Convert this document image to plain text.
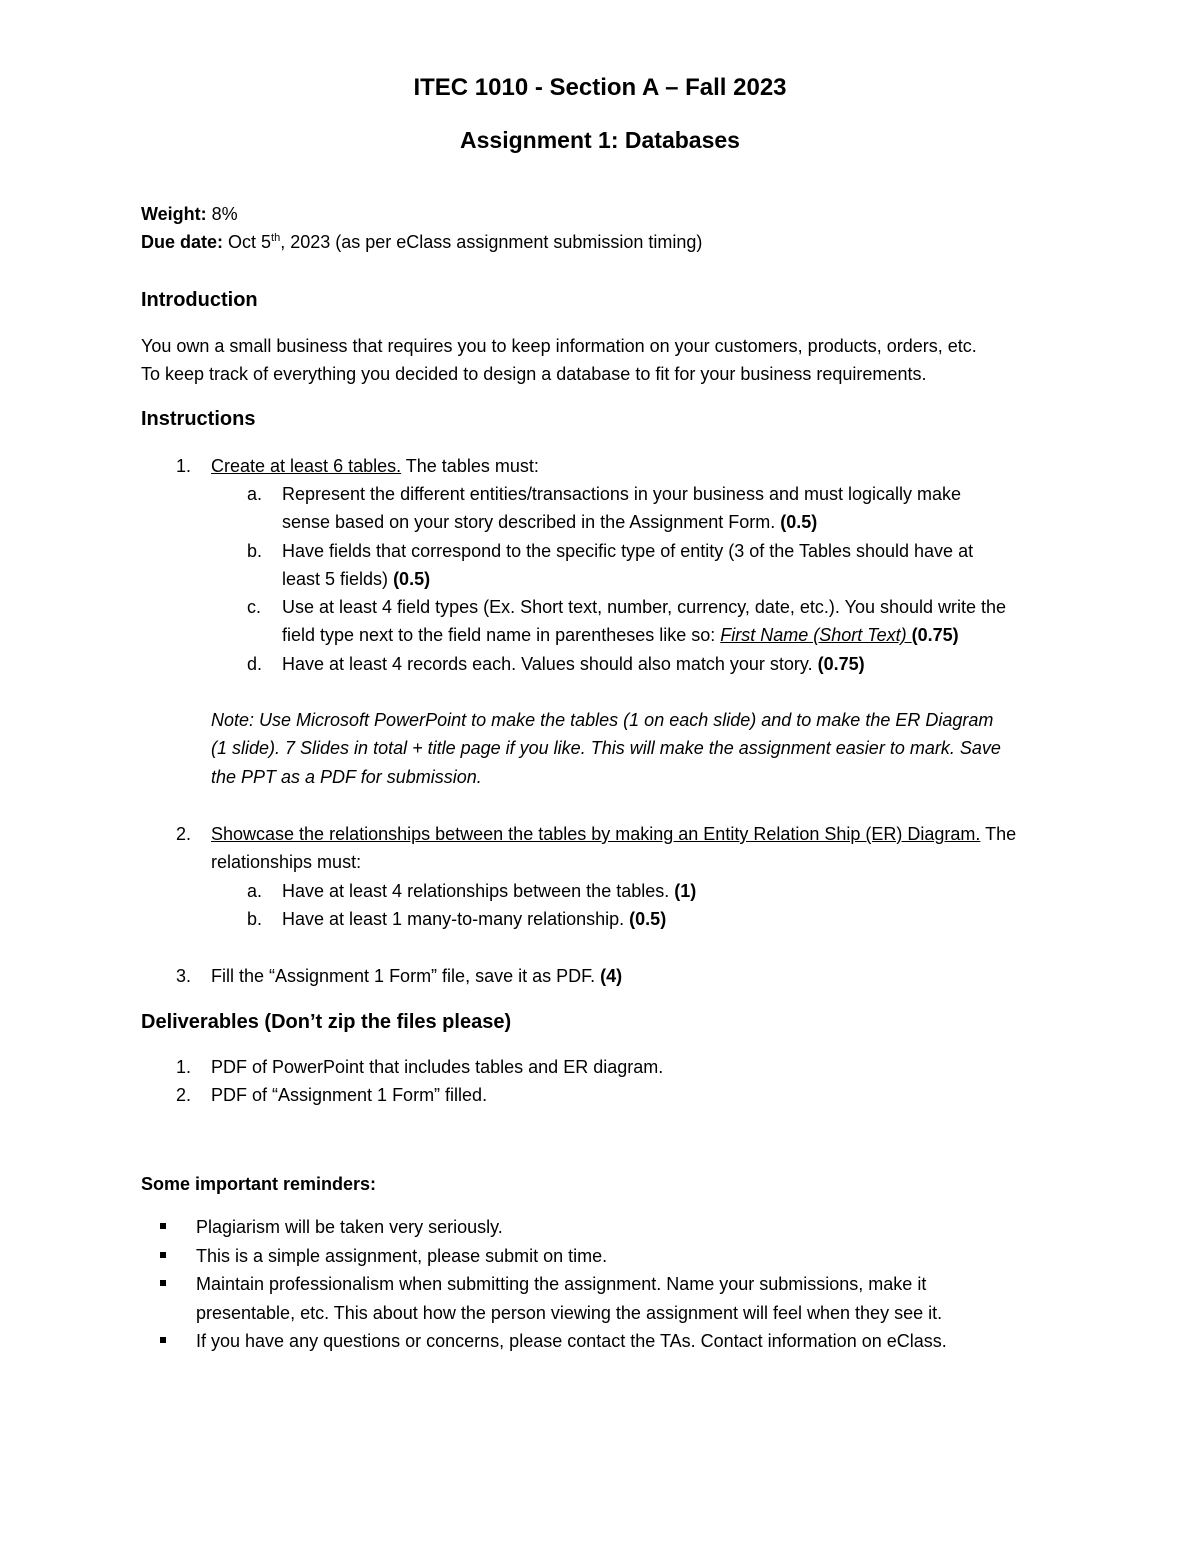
ITEC 1010 - Section A – Fall 2023
Assignment 1: Databases

Weight: 8%

Due date: Oct 5th, 2023 (as per eClass assignment submission timing)

Introduction

You own a small business that requires you to keep information on your customers, products, orders, etc.

To keep track of everything you decided to design a database to fit for your business requirements.

Instructions
1. Create at least 6 tables. The tables must:
a. Represent the different entities/transactions in your business and must logically make
sense based on your story described in the Assignment Form. (0.5)
b. Have fields that correspond to the specific type of entity (3 of the Tables should have at
least 5 fields) (0.5)
c. Use at least 4 field types (Ex. Short text, number, currency, date, etc.). You should write the
field type next to the field name in parentheses like so: First Name (Short Text) (0.75)
d. Have at least 4 records each. Values should also match your story. (0.75)
Note: Use Microsoft PowerPoint to make the tables (1 on each slide) and to make the ER Diagram
(1 slide). 7 Slides in total + title page if you like. This will make the assignment easier to mark. Save
the PPT as a PDF for submission.
2. Showcase the relationships between the tables by making an Entity Relation Ship (ER) Diagram. The
relationships must:
a. Have at least 4 relationships between the tables. (1)
b. Have at least 1 many-to-many relationship. (0.5)
3. Fill the “Assignment 1 Form” file, save it as PDF. (4)
Deliverables (Don’t zip the files please)
1. PDF of PowerPoint that includes tables and ER diagram.
2. PDF of “Assignment 1 Form” filled.

Some important reminders:

Plagiarism will be taken very seriously.
This is a simple assignment, please submit on time.
Maintain professionalism when submitting the assignment. Name your submissions, make it
presentable, etc. This about how the person viewing the assignment will feel when they see it.
If you have any questions or concerns, please contact the TAs. Contact information on eClass.
